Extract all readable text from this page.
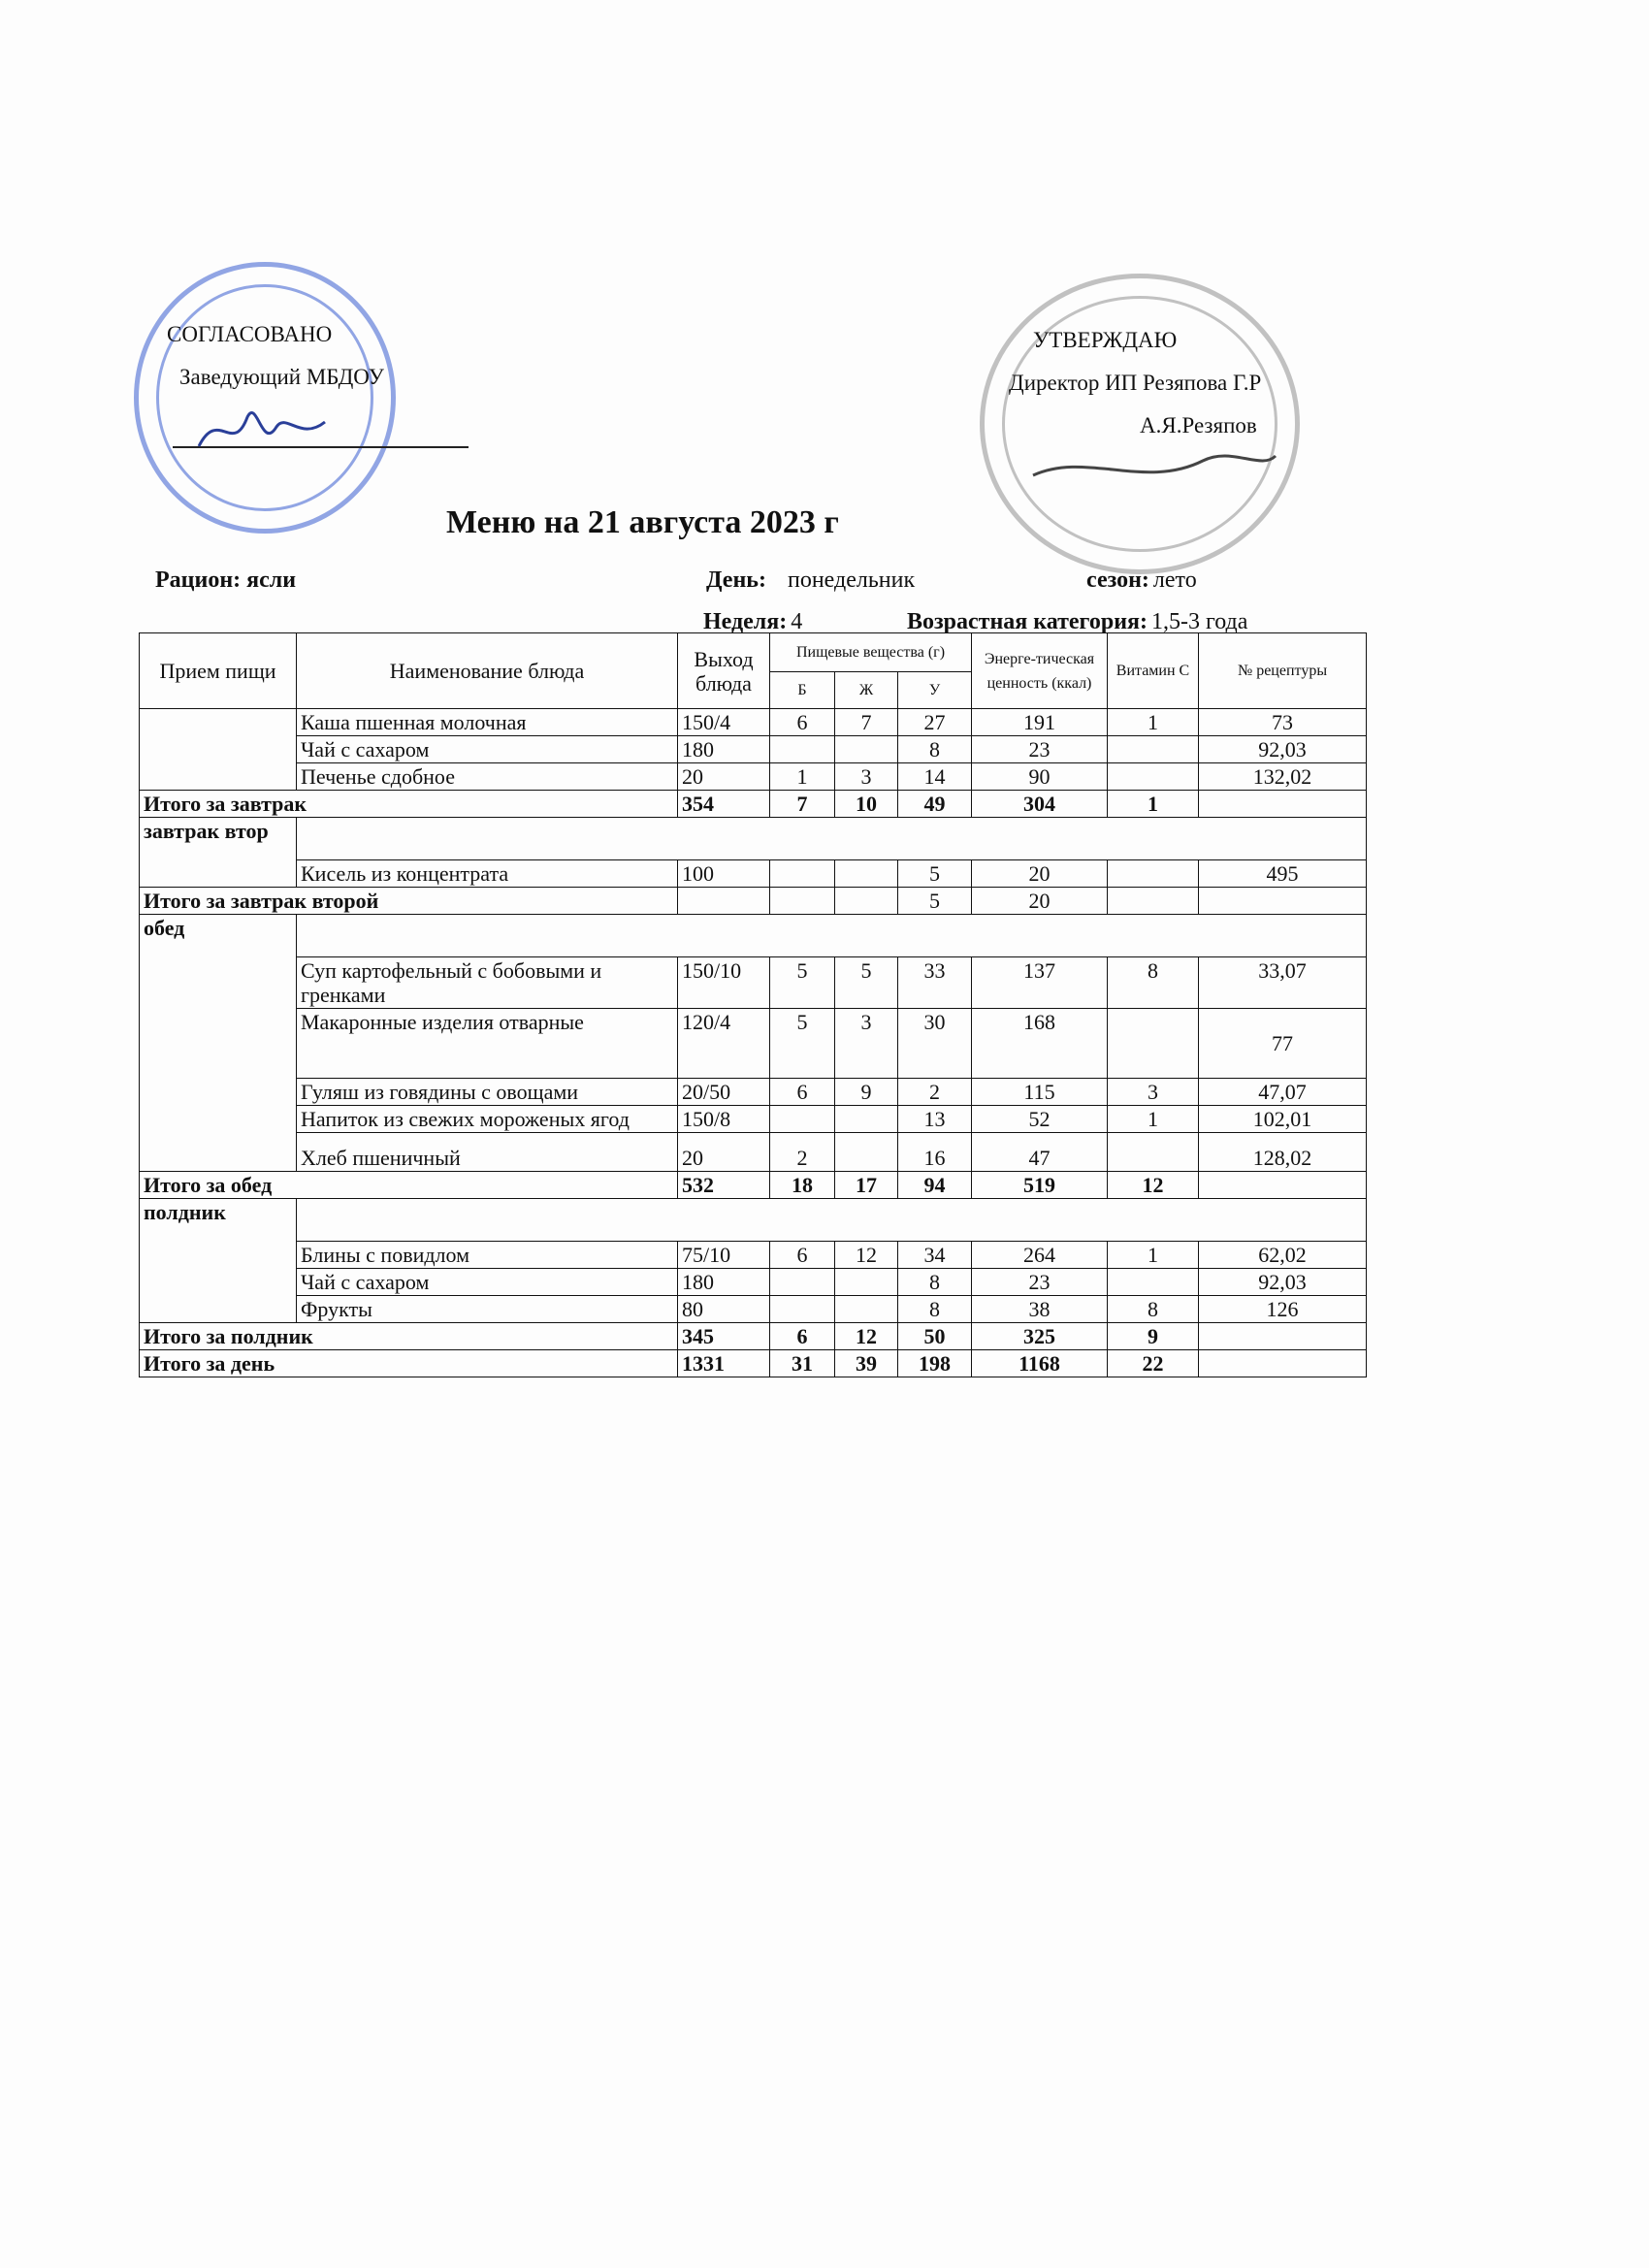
СОГЛАСОВАНО
Заведующий МБДОУ
УТВЕРЖДАЮ
Директор ИП Резяпова Г.Р
А.Я.Резяпов
Меню на 21 августа 2023 г
Рацион: ясли	День: понедельник	сезон: лето
Неделя: 4	Возрастная категория: 1,5-3 года
Прием пищи	Наименование блюда	Выход блюда	Пищевые вещества (г)			Энерге-тическая ценность (ккал)	Витамин С	№ рецептуры
			Б	Ж	У			
	Каша пшенная молочная	150/4	6	7	27	191	1	73
	Чай с сахаром	180			8	23		92,03
	Печенье сдобное	20	1	3	14	90		132,02
Итого за завтрак		354	7	10	49	304	1	
завтрак втор								
	Кисель из концентрата	100			5	20		495
Итого за завтрак второй					5	20		
обед								
	Суп картофельный с бобовыми и гренками	150/10	5	5	33	137	8	33,07
	Макаронные изделия отварные	120/4	5	3	30	168		77
	Гуляш из говядины с овощами	20/50	6	9	2	115	3	47,07
	Напиток из свежих мороженых ягод	150/8			13	52	1	102,01
	Хлеб пшеничный	20	2		16	47		128,02
Итого за обед		532	18	17	94	519	12	
полдник								
	Блины с повидлом	75/10	6	12	34	264	1	62,02
	Чай с сахаром	180			8	23		92,03
	Фрукты	80			8	38	8	126
Итого за полдник		345	6	12	50	325	9	
Итого за день		1331	31	39	198	1168	22	
